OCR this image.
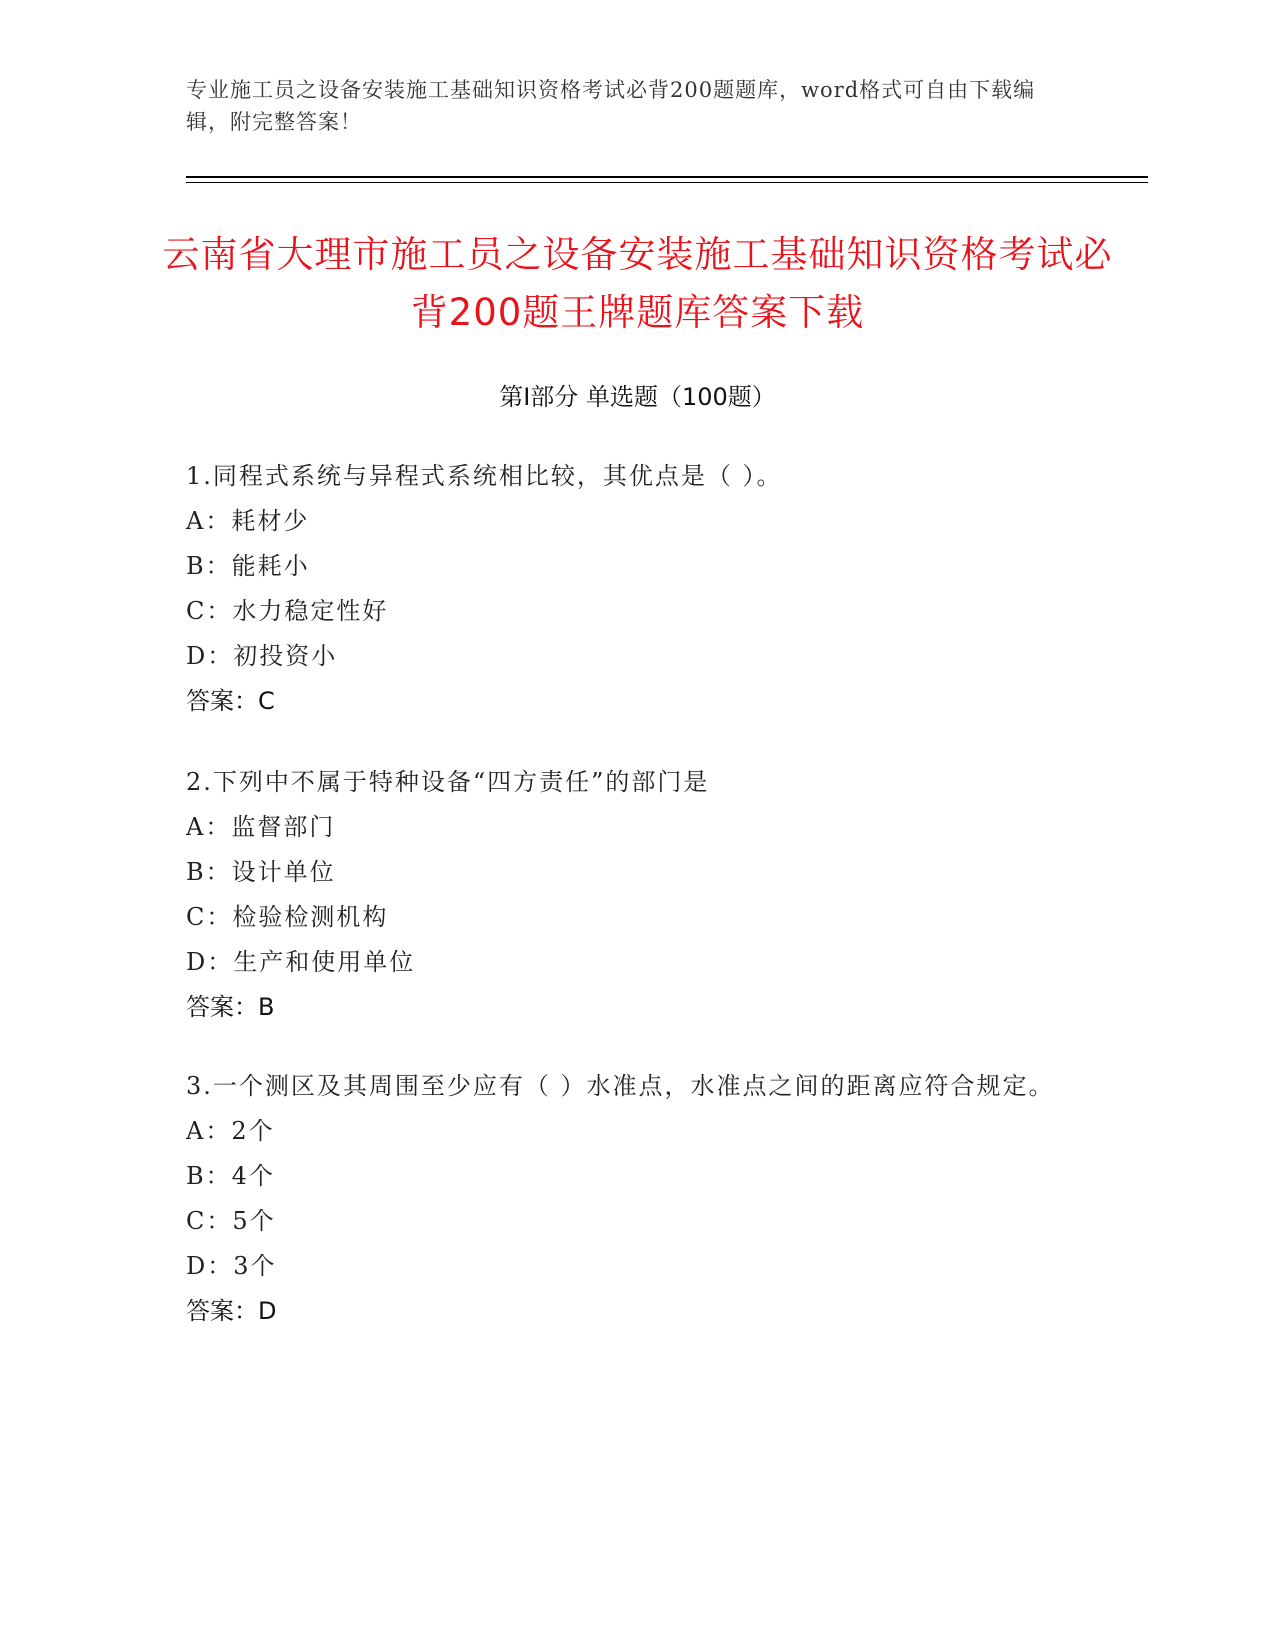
专业施工员之设备安装施工基础知识资格考试必背200题题库，word格式可自由下载编辑，附完整答案！
云南省大理市施工员之设备安装施工基础知识资格考试必背200题王牌题库答案下载
第Ⅰ部分 单选题（100题）
1.同程式系统与异程式系统相比较，其优点是（ ）。
A：耗材少
B：能耗小
C：水力稳定性好
D：初投资小
答案：C
2.下列中不属于特种设备“四方责任”的部门是
A：监督部门
B：设计单位
C：检验检测机构
D：生产和使用单位
答案：B
3.一个测区及其周围至少应有（ ）水准点，水准点之间的距离应符合规定。
A：2个
B：4个
C：5个
D：3个
答案：D
